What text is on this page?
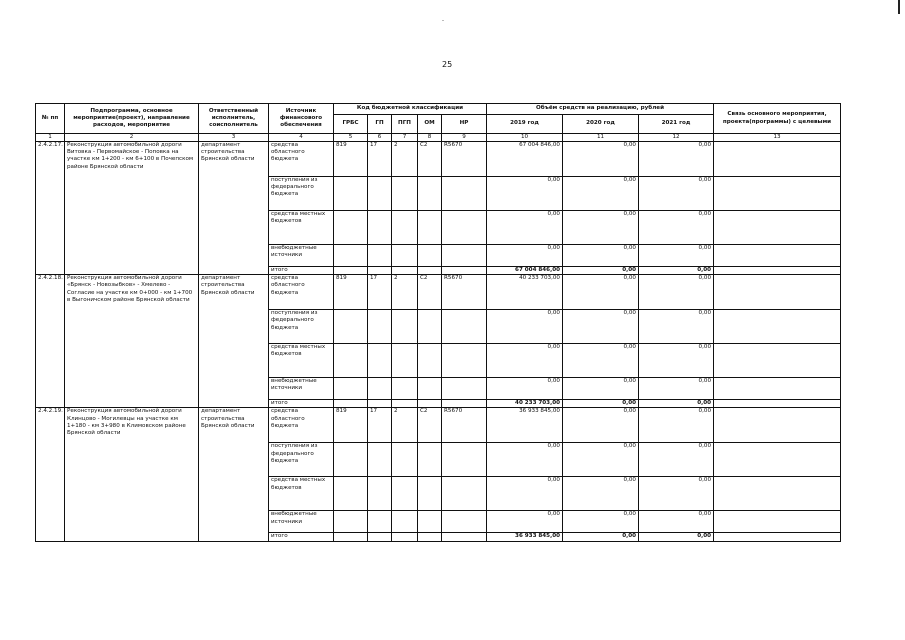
25
№ пп	Подпрограмма, основное мероприятие(проект), направление расходов, мероприятие	Ответственный исполнитель, соисполнитель	Источник финансового обеспечения	Код бюджетной классификации					Объём средств на реализацию, рублей			Связь основного мероприятия, проекта(программы) с целевыми
				ГРБС	ГП	ПГП	ОМ	НР	2019 год	2020 год	2021 год	
1	2	3	4	5	6	7	8	9	10	11	12	13
2.4.2.17.	Реконструкция автомобильной дороги Витовка - Первомайское - Поповка на участке км 1+200 - км 6+100 в Почепском районе Брянской области	департамент строительства Брянской области	средства областного бюджета	819	17	2	С2	R5670	67 004 846,00	0,00	0,00	
			поступления из федерального бюджета						0,00	0,00	0,00	
			средства местных бюджетов						0,00	0,00	0,00	
			внебюджетные источники						0,00	0,00	0,00	
			итого						67 004 846,00	0,00	0,00	
2.4.2.18.	Реконструкция автомобильной дороги «Брянск - Новозыбков» - Хмелево - Согласие на участке км 0+000 - км 1+700 в Выгоничском районе Брянской области	департамент строительства Брянской области	средства областного бюджета	819	17	2	С2	R5670	40 233 703,00	0,00	0,00	
			поступления из федерального бюджета						0,00	0,00	0,00	
			средства местных бюджетов						0,00	0,00	0,00	
			внебюджетные источники						0,00	0,00	0,00	
			итого						40 233 703,00	0,00	0,00	
2.4.2.19.	Реконструкция автомобильной дороги Клинцово - Могилевцы на участке км 1+180 - км 3+980 в Климовском районе Брянской области	департамент строительства Брянской области	средства областного бюджета	819	17	2	С2	R5670	36 933 845,00	0,00	0,00	
			поступления из федерального бюджета						0,00	0,00	0,00	
			средства местных бюджетов						0,00	0,00	0,00	
			внебюджетные источники						0,00	0,00	0,00	
			итого						36 933 845,00	0,00	0,00	
